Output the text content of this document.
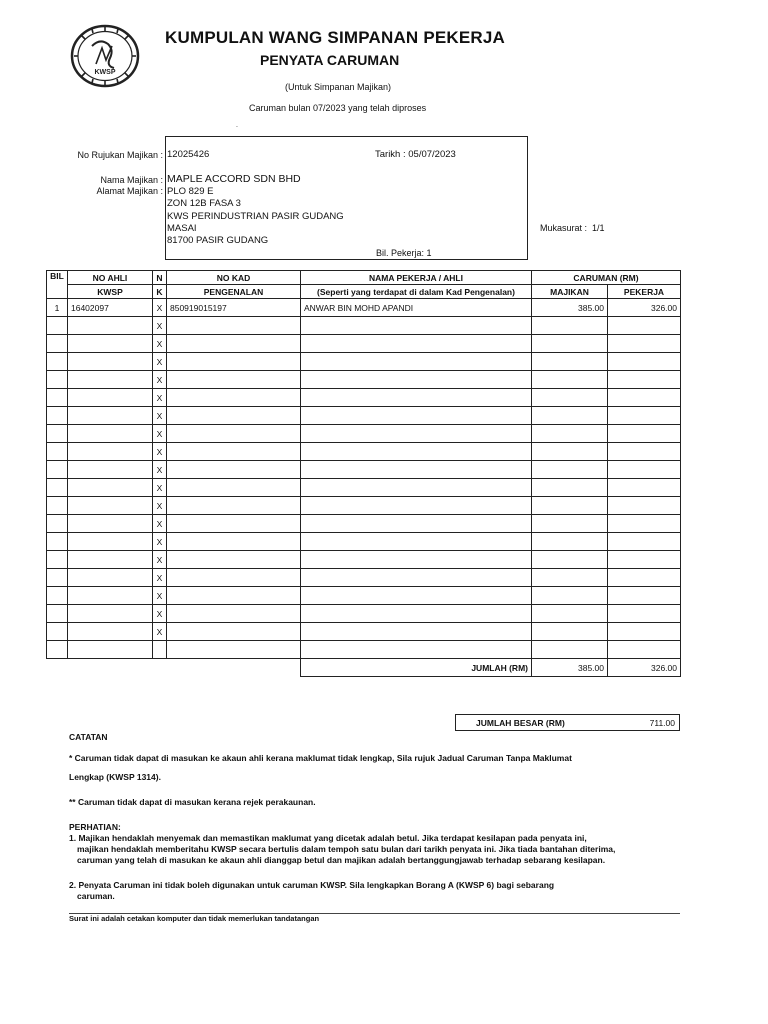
KWSP
KUMPULAN WANG SIMPANAN PEKERJA
PENYATA CARUMAN
(Untuk Simpanan Majikan)
Caruman bulan 07/2023 yang telah diproses
.
No Rujukan Majikan : 12025426	Tarikh : 05/07/2023
Nama Majikan : MAPLE ACCORD SDN BHD
Alamat Majikan : PLO 829 E
ZON 12B FASA 3
KWS PERINDUSTRIAN PASIR GUDANG
MASAI
81700 PASIR GUDANG
Bil. Pekerja: 1
Mukasurat : 1/1
BIL	NO AHLI	N	NO KAD	NAMA PEKERJA / AHLI	CARUMAN (RM)	
	KWSP	K	PENGENALAN	(Seperti yang terdapat di dalam Kad Pengenalan)	MAJIKAN	PEKERJA
1	16402097	X	850919015197	ANWAR BIN MOHD APANDI	385.00	326.00
		X				
		X				
		X				
		X				
		X				
		X				
		X				
		X				
		X				
		X				
		X				
		X				
		X				
		X				
		X				
		X				
		X				
		X				

				JUMLAH (RM)	385.00	326.00
JUMLAH BESAR (RM)	711.00

CATATAN

* Caruman tidak dapat di masukan ke akaun ahli kerana maklumat tidak lengkap, Sila rujuk Jadual Caruman Tanpa Maklumat

Lengkap (KWSP 1314).

** Caruman tidak dapat di masukan kerana rejek perakaunan.

PERHATIAN:

1. Majikan hendaklah menyemak dan memastikan maklumat yang dicetak adalah betul. Jika terdapat kesilapan pada penyata ini,

majikan hendaklah memberitahu KWSP secara bertulis dalam tempoh satu bulan dari tarikh penyata ini. Jika tiada bantahan diterima,

caruman yang telah di masukan ke akaun ahli dianggap betul dan majikan adalah bertanggungjawab terhadap sebarang kesilapan.

2. Penyata Caruman ini tidak boleh digunakan untuk caruman KWSP. Sila lengkapkan Borang A (KWSP 6) bagi sebarang

caruman.

Surat ini adalah cetakan komputer dan tidak memerlukan tandatangan
